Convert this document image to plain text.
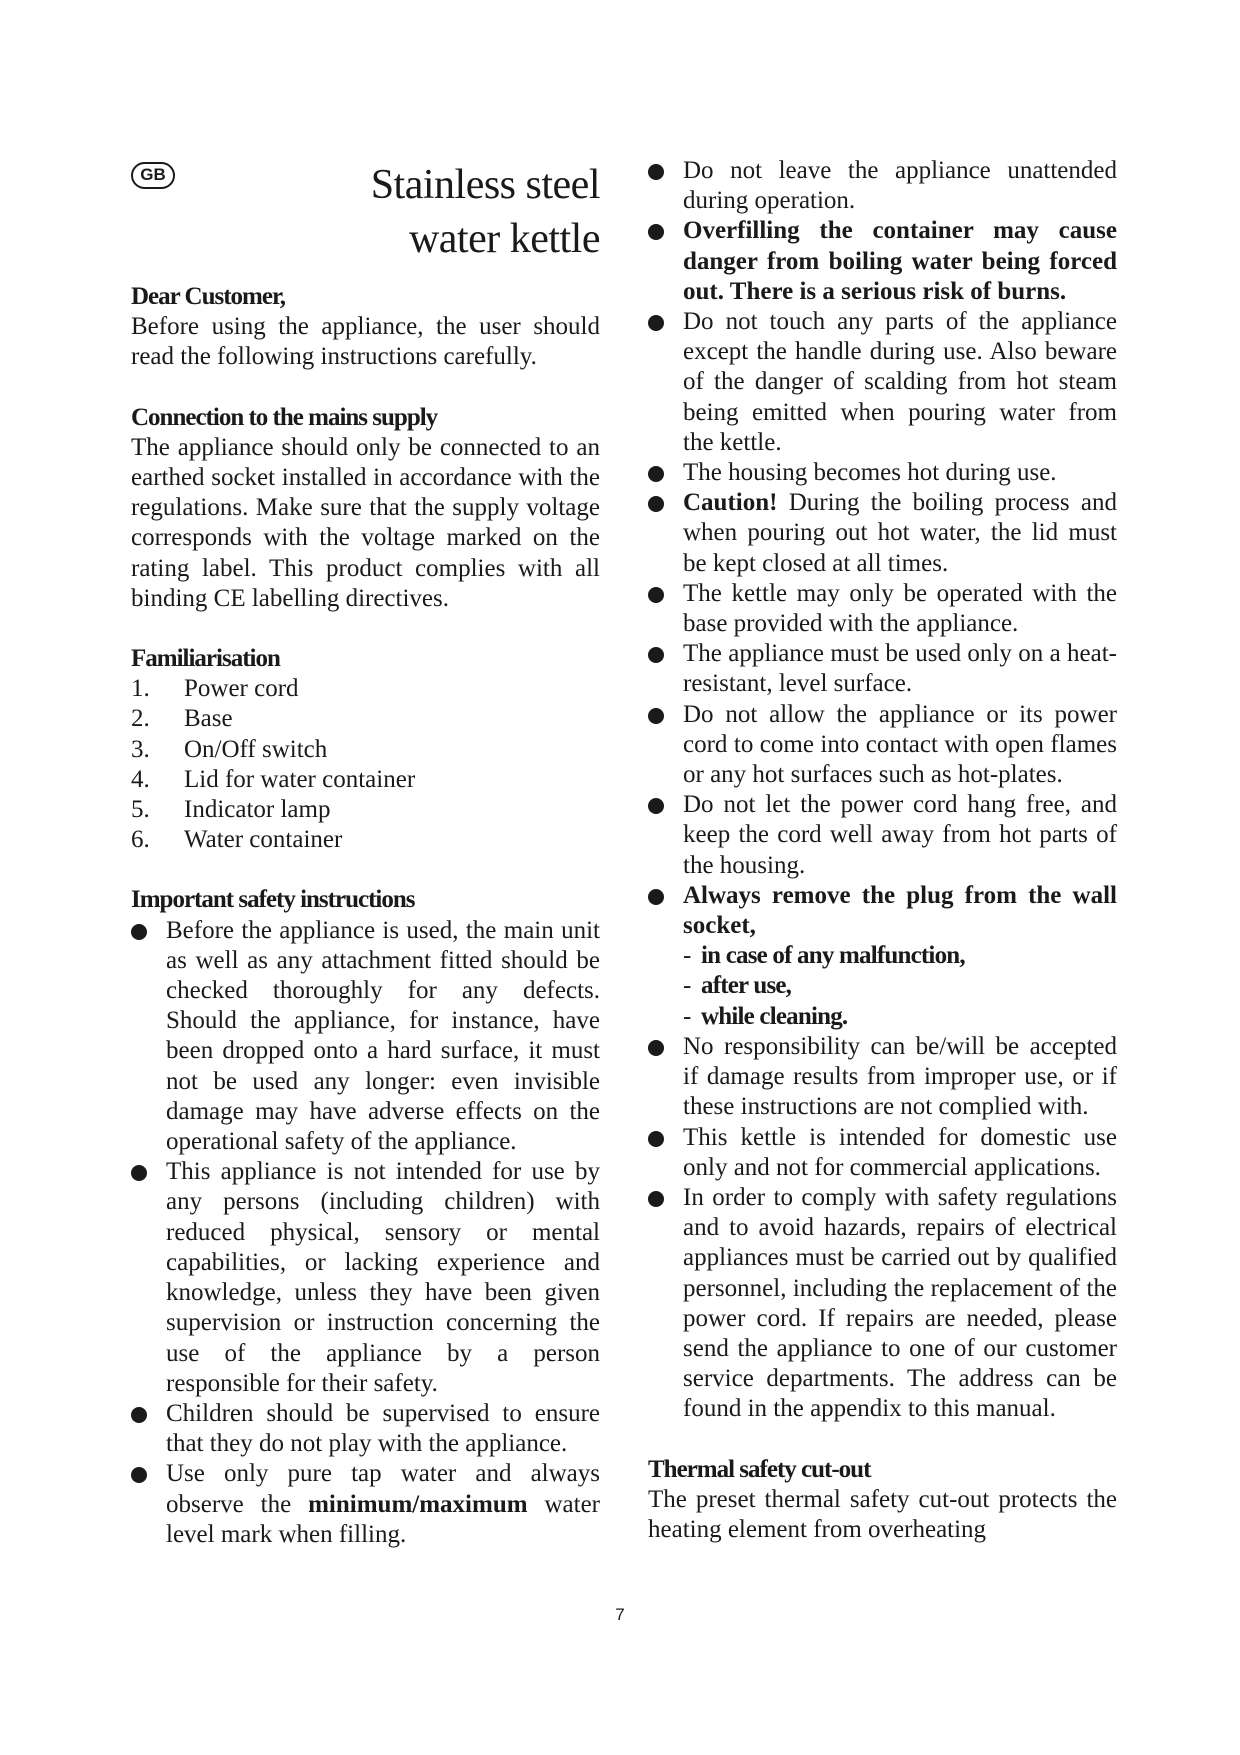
GB	Stainless steel
water kettle
Dear Customer,

Before using the appliance, the user should read the following instructions carefully.

Connection to the mains supply

The appliance should only be connected to an earthed socket installed in accordance with the regulations. Make sure that the supply voltage corresponds with the voltage marked on the rating label. This product complies with all binding CE labelling directives.

Familiarisation
1.	Power cord
2.	Base
3.	On/Off switch
4.	Lid for water container
5.	Indicator lamp
6.	Water container
Important safety instructions
Before the appliance is used, the main unit as well as any attachment fitted should be checked thoroughly for any defects. Should the appliance, for instance, have been dropped onto a hard surface, it must not be used any longer: even invisible damage may have adverse effects on the operational safety of the appliance.
This appliance is not intended for use by any persons (including children) with reduced physical, sensory or mental capabilities, or lacking experience and knowledge, unless they have been given supervision or instruction concerning the use of the appliance by a person responsible for their safety.
Children should be supervised to ensure that they do not play with the appliance.
Use only pure tap water and always observe the minimum/maximum water level mark when filling.
Do not leave the appliance unattended during operation.
Overfilling the container may cause danger from boiling water being forced out. There is a serious risk of burns.
Do not touch any parts of the appliance except the handle during use. Also beware of the danger of scalding from hot steam being emitted when pouring water from the kettle.
The housing becomes hot during use.
Caution! During the boiling process and when pouring out hot water, the lid must be kept closed at all times.
The kettle may only be operated with the base provided with the appliance.
The appliance must be used only on a heat-resistant, level surface.
Do not allow the appliance or its power cord to come into contact with open flames or any hot surfaces such as hot-plates.
Do not let the power cord hang free, and keep the cord well away from hot parts of the housing.
Always remove the plug from the wall socket,
- in case of any malfunction,
- after use,
- while cleaning.
No responsibility can be/will be accepted if damage results from improper use, or if these instructions are not complied with.
This kettle is intended for domestic use only and not for commercial applications.
In order to comply with safety regulations and to avoid hazards, repairs of electrical appliances must be carried out by qualified personnel, including the replacement of the power cord. If repairs are needed, please send the appliance to one of our customer service departments. The address can be found in the appendix to this manual.
Thermal safety cut-out

The preset thermal safety cut-out protects the heating element from overheating

7
